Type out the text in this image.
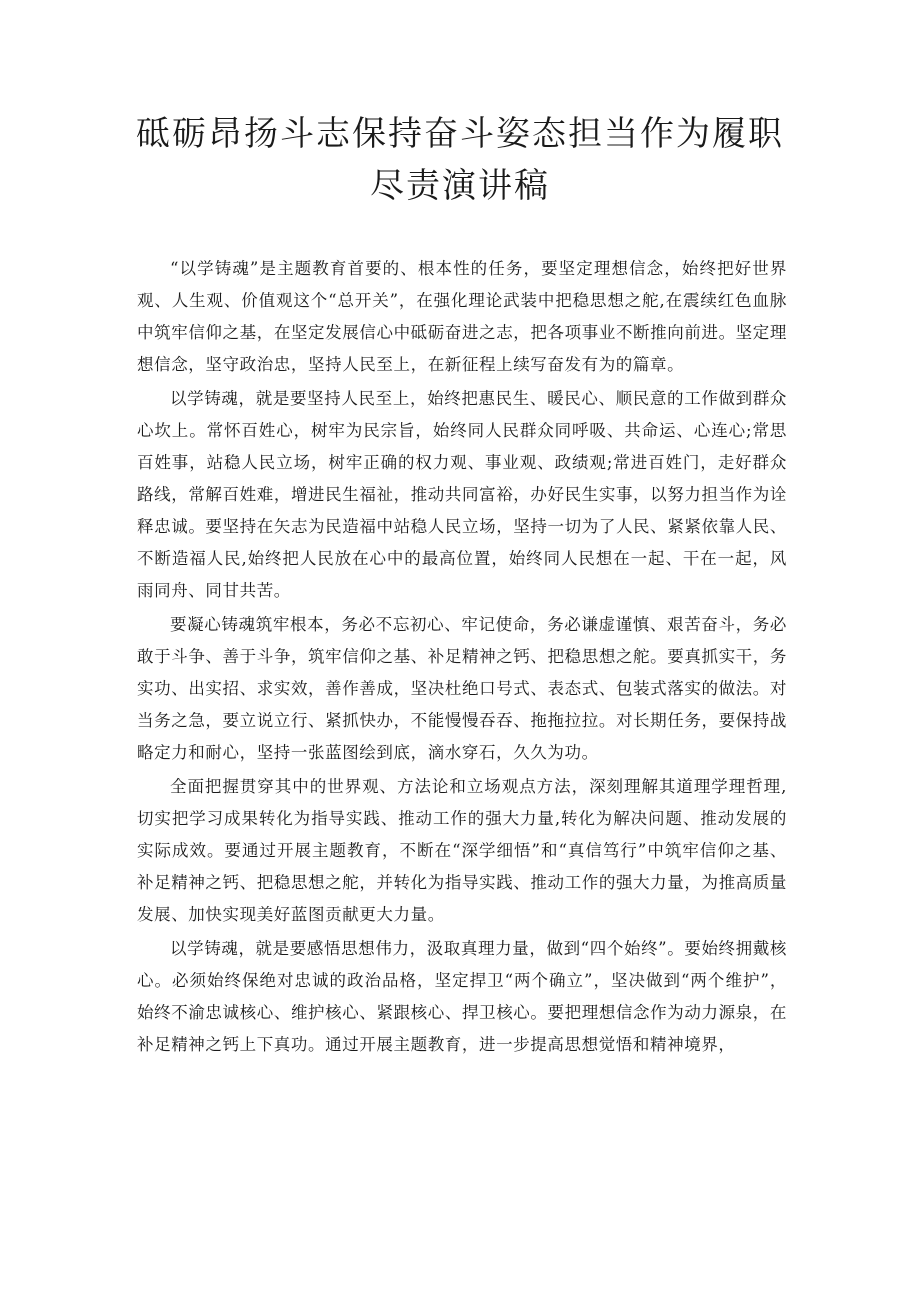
砥砺昂扬斗志保持奋斗姿态担当作为履职
尽责演讲稿

“以学铸魂”是主题教育首要的、根本性的任务，要坚定理想信念，始终把好世界观、人生观、价值观这个“总开关”，在强化理论武装中把稳思想之舵,在震续红色血脉中筑牢信仰之基，在坚定发展信心中砥砺奋进之志，把各项事业不断推向前进。坚定理想信念，坚守政治忠，坚持人民至上，在新征程上续写奋发有为的篇章。

以学铸魂，就是要坚持人民至上，始终把惠民生、暖民心、顺民意的工作做到群众心坎上。常怀百姓心，树牢为民宗旨，始终同人民群众同呼吸、共命运、心连心;常思百姓事，站稳人民立场，树牢正确的权力观、事业观、政绩观;常进百姓门，走好群众路线，常解百姓难，增进民生福祉，推动共同富裕，办好民生实事，以努力担当作为诠释忠诚。要坚持在矢志为民造福中站稳人民立场，坚持一切为了人民、紧紧依靠人民、不断造福人民,始终把人民放在心中的最高位置，始终同人民想在一起、干在一起，风雨同舟、同甘共苦。

要凝心铸魂筑牢根本，务必不忘初心、牢记使命，务必谦虚谨慎、艰苦奋斗，务必敢于斗争、善于斗争，筑牢信仰之基、补足精神之钙、把稳思想之舵。要真抓实干，务实功、出实招、求实效，善作善成，坚决杜绝口号式、表态式、包装式落实的做法。对当务之急，要立说立行、紧抓快办，不能慢慢吞吞、拖拖拉拉。对长期任务，要保持战略定力和耐心，坚持一张蓝图绘到底，滴水穿石，久久为功。

全面把握贯穿其中的世界观、方法论和立场观点方法，深刻理解其道理学理哲理,切实把学习成果转化为指导实践、推动工作的强大力量,转化为解决问题、推动发展的实际成效。要通过开展主题教育，不断在“深学细悟”和“真信笃行”中筑牢信仰之基、补足精神之钙、把稳思想之舵，并转化为指导实践、推动工作的强大力量，为推高质量发展、加快实现美好蓝图贡献更大力量。

以学铸魂，就是要感悟思想伟力，汲取真理力量，做到“四个始终”。要始终拥戴核心。必须始终保绝对忠诚的政治品格，坚定捍卫“两个确立”，坚决做到“两个维护”，始终不渝忠诚核心、维护核心、紧跟核心、捍卫核心。要把理想信念作为动力源泉，在补足精神之钙上下真功。通过开展主题教育，进一步提高思想觉悟和精神境界，
